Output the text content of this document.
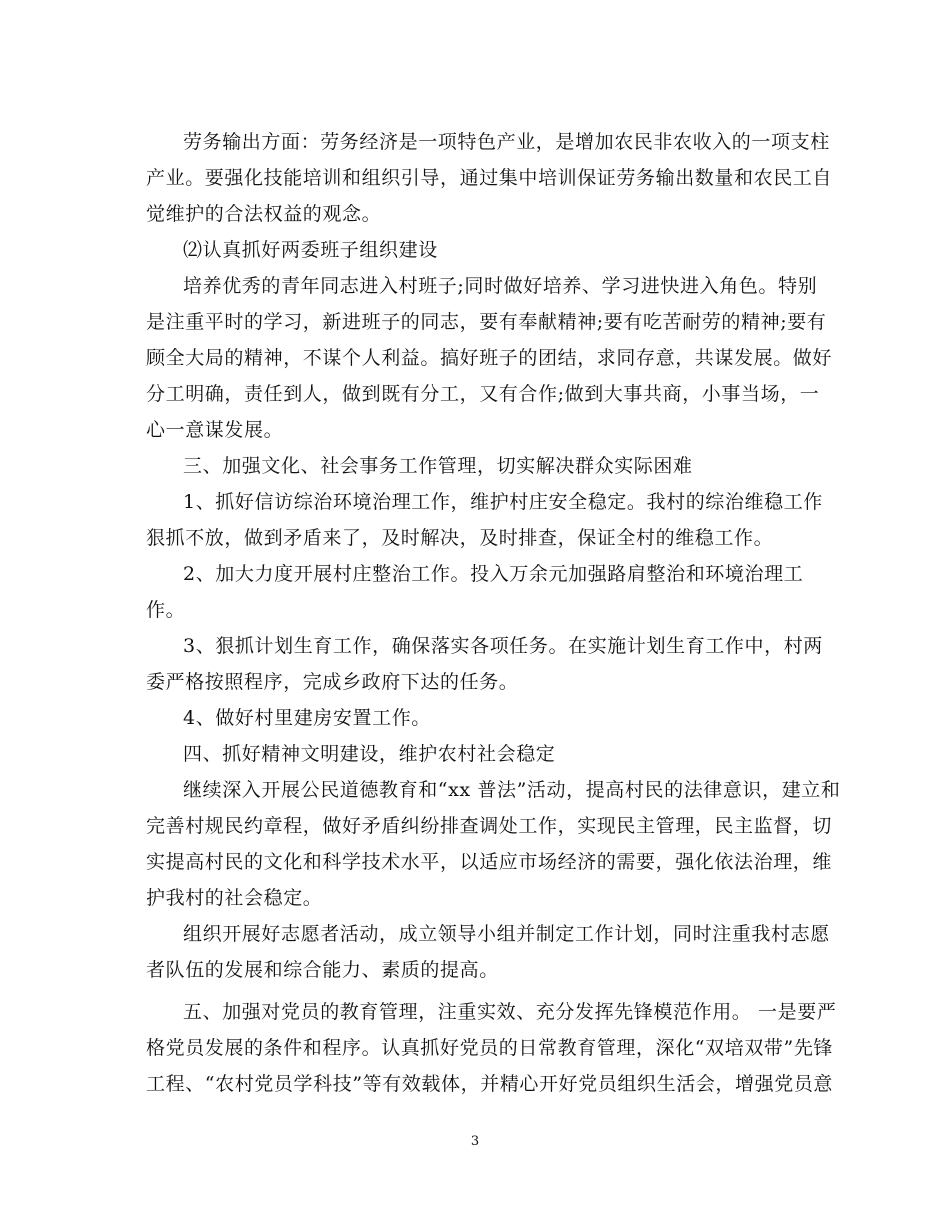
劳务输出方面：劳务经济是一项特色产业，是增加农民非农收入的一项支柱
产业。要强化技能培训和组织引导，通过集中培训保证劳务输出数量和农民工自
觉维护的合法权益的观念。
⑵认真抓好两委班子组织建设
培养优秀的青年同志进入村班子;同时做好培养、学习进快进入角色。特别
是注重平时的学习，新进班子的同志，要有奉献精神;要有吃苦耐劳的精神;要有
顾全大局的精神，不谋个人利益。搞好班子的团结，求同存意，共谋发展。做好
分工明确，责任到人，做到既有分工，又有合作;做到大事共商，小事当场，一
心一意谋发展。
三、加强文化、社会事务工作管理，切实解决群众实际困难
1、抓好信访综治环境治理工作，维护村庄安全稳定。我村的综治维稳工作
狠抓不放，做到矛盾来了，及时解决，及时排查，保证全村的维稳工作。
2、加大力度开展村庄整治工作。投入万余元加强路肩整治和环境治理工
作。
3、狠抓计划生育工作，确保落实各项任务。在实施计划生育工作中，村两
委严格按照程序，完成乡政府下达的任务。
4、做好村里建房安置工作。
四、抓好精神文明建设，维护农村社会稳定
继续深入开展公民道德教育和“xx 普法”活动，提高村民的法律意识，建立和
完善村规民约章程，做好矛盾纠纷排查调处工作，实现民主管理，民主监督，切
实提高村民的文化和科学技术水平，以适应市场经济的需要，强化依法治理，维
护我村的社会稳定。
组织开展好志愿者活动，成立领导小组并制定工作计划，同时注重我村志愿
者队伍的发展和综合能力、素质的提高。
五、加强对党员的教育管理，注重实效、充分发挥先锋模范作用。 一是要严
格党员发展的条件和程序。认真抓好党员的日常教育管理，深化“双培双带”先锋
工程、“农村党员学科技”等有效载体，并精心开好党员组织生活会，增强党员意
3
